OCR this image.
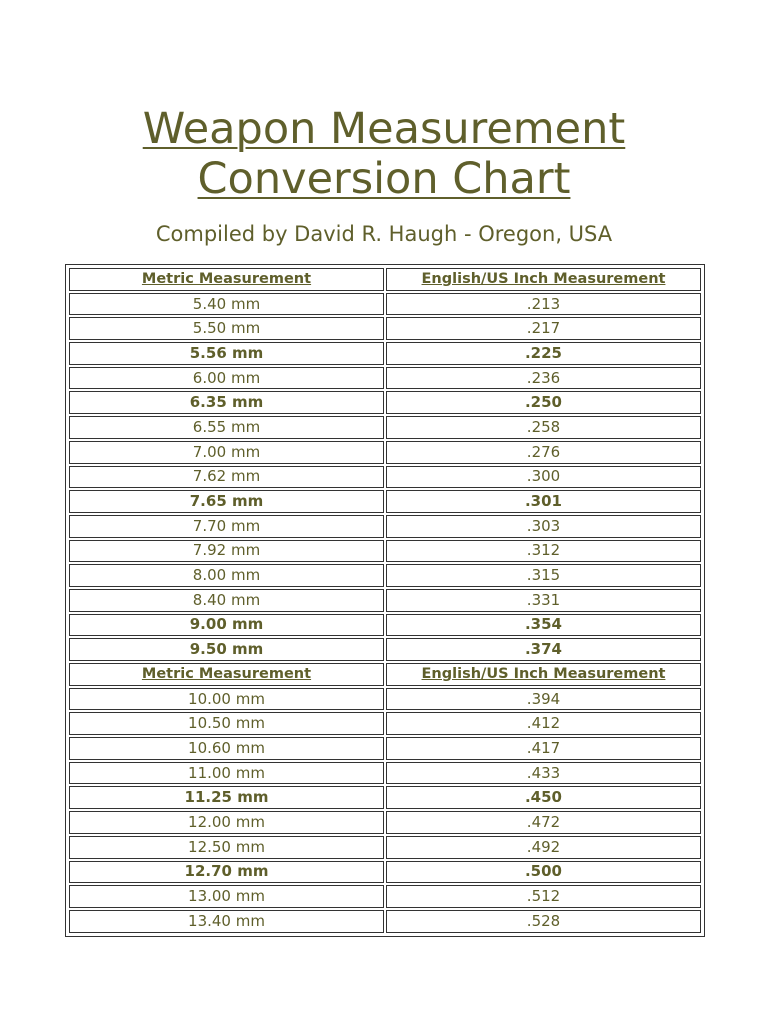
Weapon Measurement
Conversion Chart
Compiled by David R. Haugh - Oregon, USA
Metric Measurement	English/US Inch Measurement
5.40 mm	.213
5.50 mm	.217
5.56 mm	.225
6.00 mm	.236
6.35 mm	.250
6.55 mm	.258
7.00 mm	.276
7.62 mm	.300
7.65 mm	.301
7.70 mm	.303
7.92 mm	.312
8.00 mm	.315
8.40 mm	.331
9.00 mm	.354
9.50 mm	.374
Metric Measurement	English/US Inch Measurement
10.00 mm	.394
10.50 mm	.412
10.60 mm	.417
11.00 mm	.433
11.25 mm	.450
12.00 mm	.472
12.50 mm	.492
12.70 mm	.500
13.00 mm	.512
13.40 mm	.528
